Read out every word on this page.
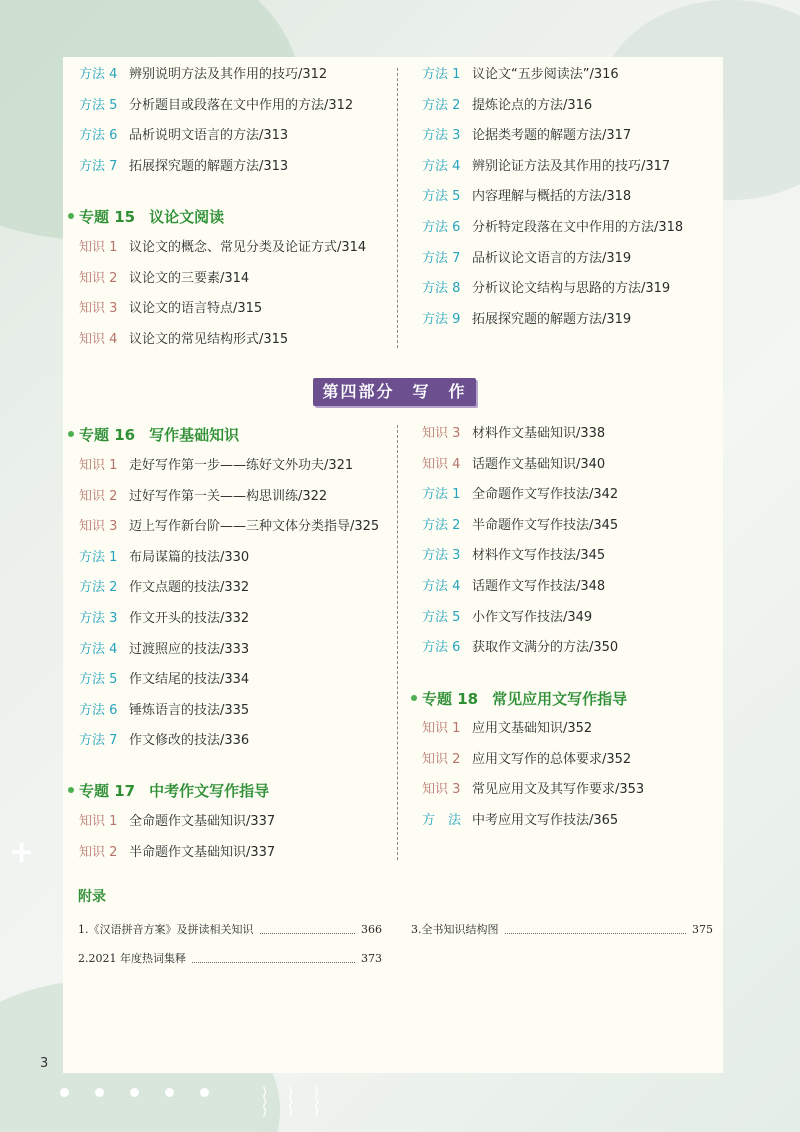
+
︴︴︴
方法 4 辨别说明方法及其作用的技巧/312
方法 5 分析题目或段落在文中作用的方法/312
方法 6 品析说明文语言的方法/313
方法 7 拓展探究题的解题方法/313
专题 15 议论文阅读
知识 1 议论文的概念、常见分类及论证方式/314
知识 2 议论文的三要素/314
知识 3 议论文的语言特点/315
知识 4 议论文的常见结构形式/315
方法 1 议论文“五步阅读法”/316
方法 2 提炼论点的方法/316
方法 3 论据类考题的解题方法/317
方法 4 辨别论证方法及其作用的技巧/317
方法 5 内容理解与概括的方法/318
方法 6 分析特定段落在文中作用的方法/318
方法 7 品析议论文语言的方法/319
方法 8 分析议论文结构与思路的方法/319
方法 9 拓展探究题的解题方法/319
第四部分　写　作
专题 16 写作基础知识
知识 1 走好写作第一步——练好文外功夫/321
知识 2 过好写作第一关——构思训练/322
知识 3 迈上写作新台阶——三种文体分类指导/325
方法 1 布局谋篇的技法/330
方法 2 作文点题的技法/332
方法 3 作文开头的技法/332
方法 4 过渡照应的技法/333
方法 5 作文结尾的技法/334
方法 6 锤炼语言的技法/335
方法 7 作文修改的技法/336
专题 17 中考作文写作指导
知识 1 全命题作文基础知识/337
知识 2 半命题作文基础知识/337
知识 3 材料作文基础知识/338
知识 4 话题作文基础知识/340
方法 1 全命题作文写作技法/342
方法 2 半命题作文写作技法/345
方法 3 材料作文写作技法/345
方法 4 话题作文写作技法/348
方法 5 小作文写作技法/349
方法 6 获取作文满分的方法/350
专题 18 常见应用文写作指导
知识 1 应用文基础知识/352
知识 2 应用文写作的总体要求/352
知识 3 常见应用文及其写作要求/353
方　法 中考应用文写作技法/365
附录
1.《汉语拼音方案》及拼读相关知识	366
2.2021 年度热词集释	373
3.全书知识结构图	375
3
